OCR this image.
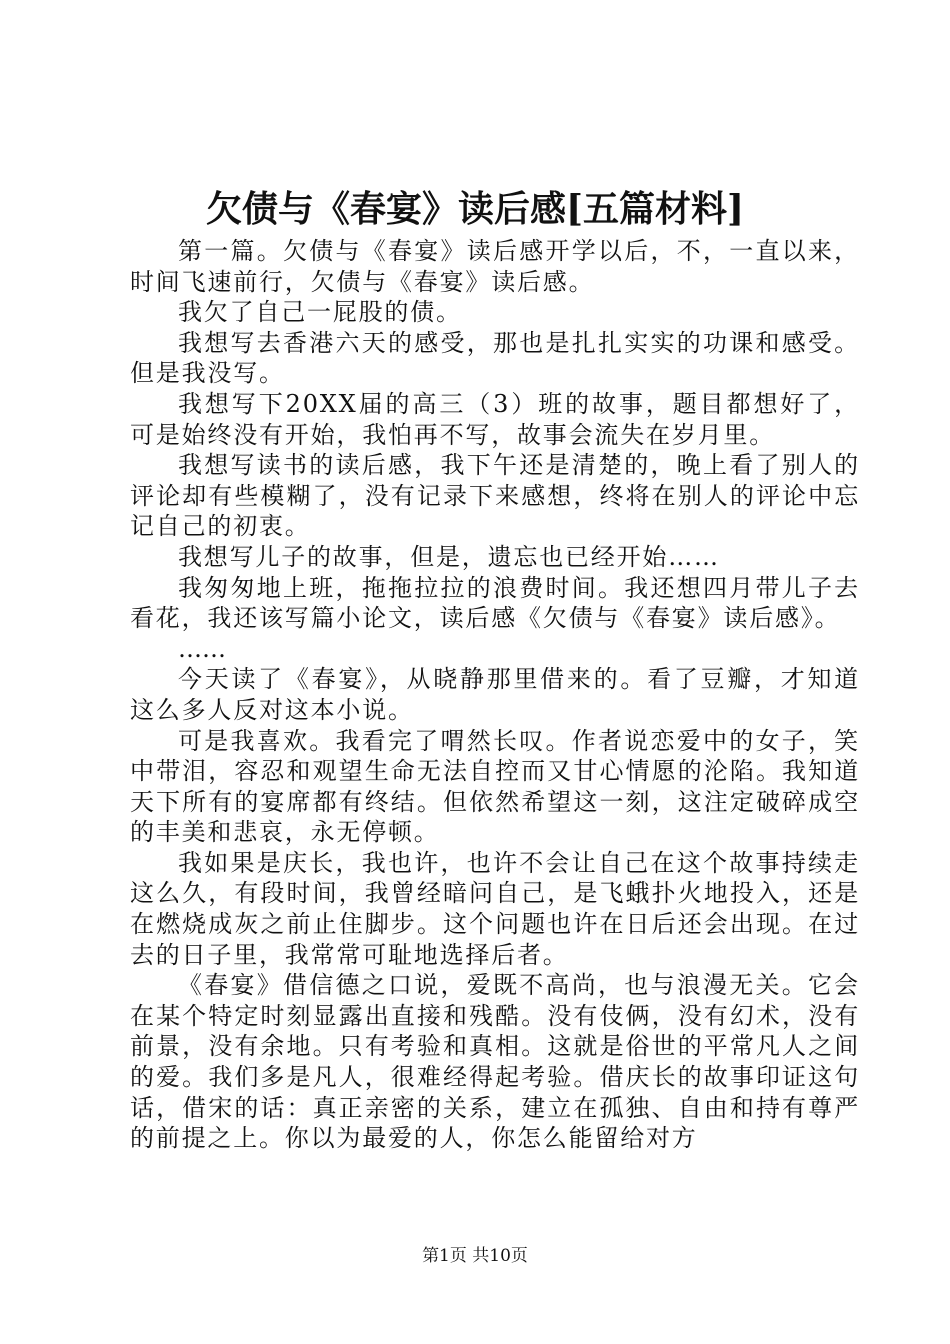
欠债与《春宴》读后感[五篇材料]

第一篇。欠债与《春宴》读后感开学以后，不，一直以来，时间飞速前行，欠债与《春宴》读后感。

我欠了自己一屁股的债。

我想写去香港六天的感受，那也是扎扎实实的功课和感受。但是我没写。

我想写下20XX届的高三（3）班的故事，题目都想好了，可是始终没有开始，我怕再不写，故事会流失在岁月里。

我想写读书的读后感，我下午还是清楚的，晚上看了别人的评论却有些模糊了，没有记录下来感想，终将在别人的评论中忘记自己的初衷。

我想写儿子的故事，但是，遗忘也已经开始……

我匆匆地上班，拖拖拉拉的浪费时间。我还想四月带儿子去看花，我还该写篇小论文，读后感《欠债与《春宴》读后感》。

……

今天读了《春宴》，从晓静那里借来的。看了豆瓣，才知道这么多人反对这本小说。

可是我喜欢。我看完了喟然长叹。作者说恋爱中的女子，笑中带泪，容忍和观望生命无法自控而又甘心情愿的沦陷。我知道天下所有的宴席都有终结。但依然希望这一刻，这注定破碎成空的丰美和悲哀，永无停顿。

我如果是庆长，我也许，也许不会让自己在这个故事持续走这么久，有段时间，我曾经暗问自己，是飞蛾扑火地投入，还是在燃烧成灰之前止住脚步。这个问题也许在日后还会出现。在过去的日子里，我常常可耻地选择后者。

《春宴》借信德之口说，爱既不高尚，也与浪漫无关。它会在某个特定时刻显露出直接和残酷。没有伎俩，没有幻术，没有前景，没有余地。只有考验和真相。这就是俗世的平常凡人之间的爱。我们多是凡人，很难经得起考验。借庆长的故事印证这句话，借宋的话：真正亲密的关系，建立在孤独、自由和持有尊严的前提之上。你以为最爱的人，你怎么能留给对方

第1页 共10页
